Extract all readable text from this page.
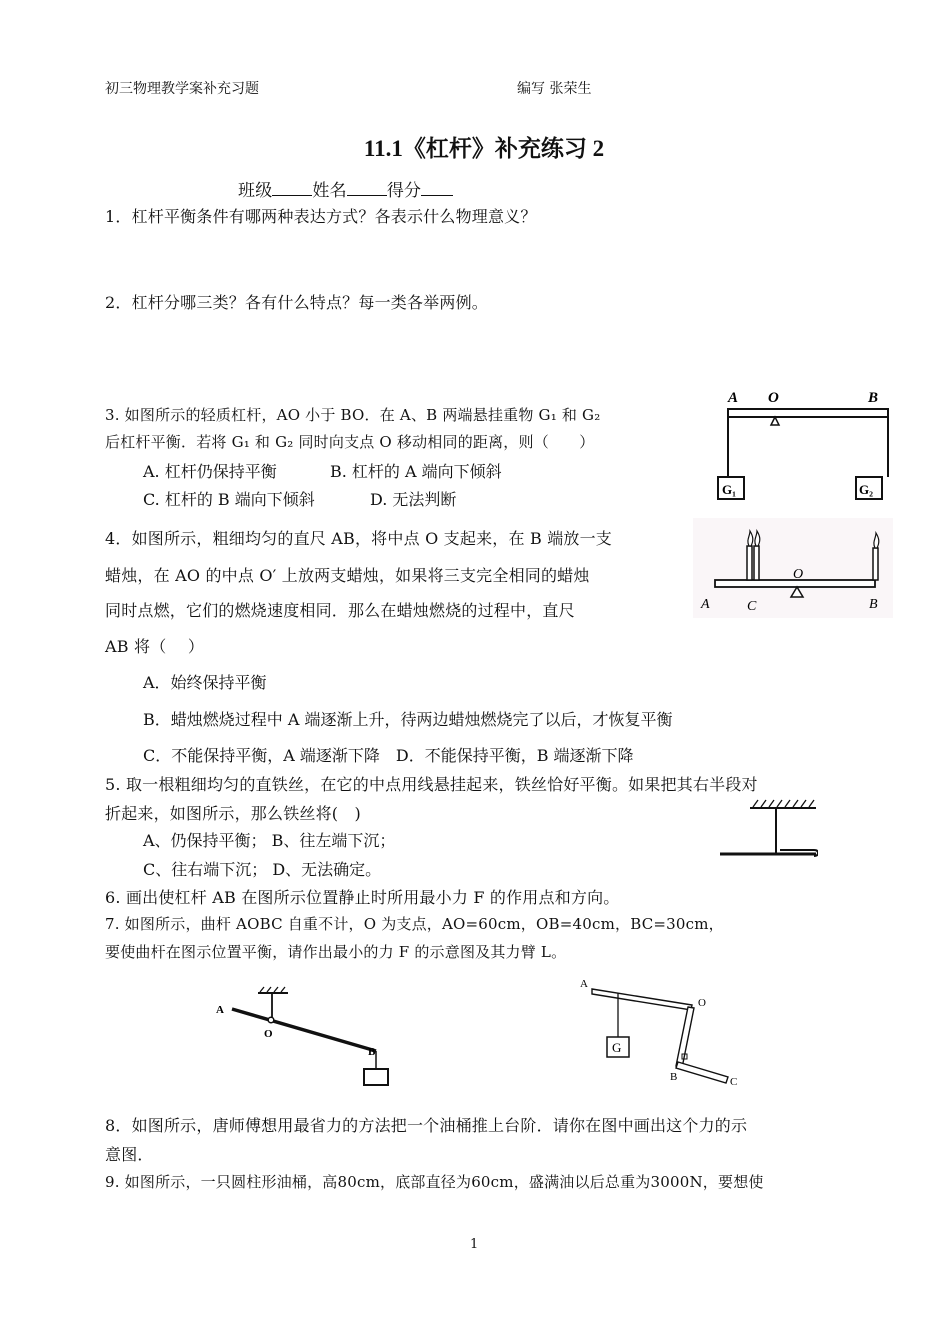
初三物理教学案补充习题	编写 张荣生
11.1《杠杆》补充练习 2
班级 姓名 得分
1．杠杆平衡条件有哪两种表达方式？各表示什么物理意义？
2．杠杆分哪三类？各有什么特点？每一类各举两例。
3. 如图所示的轻质杠杆，AO 小于 BO．在 A、B 两端悬挂重物 G₁ 和 G₂
后杠杆平衡．若将 G₁ 和 G₂ 同时向支点 O 移动相同的距离，则（　　）
A. 杠杆仍保持平衡	B. 杠杆的 A 端向下倾斜
C. 杠杆的 B 端向下倾斜	D. 无法判断
A O	B
G₁	G₂
4．如图所示，粗细均匀的直尺 AB，将中点 O 支起来，在 B 端放一支
蜡烛，在 AO 的中点 O′ 上放两支蜡烛，如果将三支完全相同的蜡烛
同时点燃，它们的燃烧速度相同．那么在蜡烛燃烧的过程中，直尺
AB 将（　 ）
A．始终保持平衡
B．蜡烛燃烧过程中 A 端逐渐上升，待两边蜡烛燃烧完了以后，才恢复平衡
C．不能保持平衡，A 端逐渐下降　D．不能保持平衡，B 端逐渐下降
A	C
O
B
5. 取一根粗细均匀的直铁丝，在它的中点用线悬挂起来，铁丝恰好平衡。如果把其右半段对
折起来，如图所示，那么铁丝将(　)
A、仍保持平衡； B、往左端下沉；
C、往右端下沉； D、无法确定。
6. 画出使杠杆 AB 在图所示位置静止时所用最小力 F 的作用点和方向。
7. 如图所示，曲杆 AOBC 自重不计，O 为支点，AO=60cm，OB=40cm，BC=30cm，
要使曲杆在图示位置平衡，请作出最小的力 F 的示意图及其力臂 L。
A
O
B	G
A
O
B	C
8．如图所示，唐师傅想用最省力的方法把一个油桶推上台阶．请你在图中画出这个力的示
意图．
9. 如图所示，一只圆柱形油桶，高80cm，底部直径为60cm，盛满油以后总重为3000N，要想使
1
